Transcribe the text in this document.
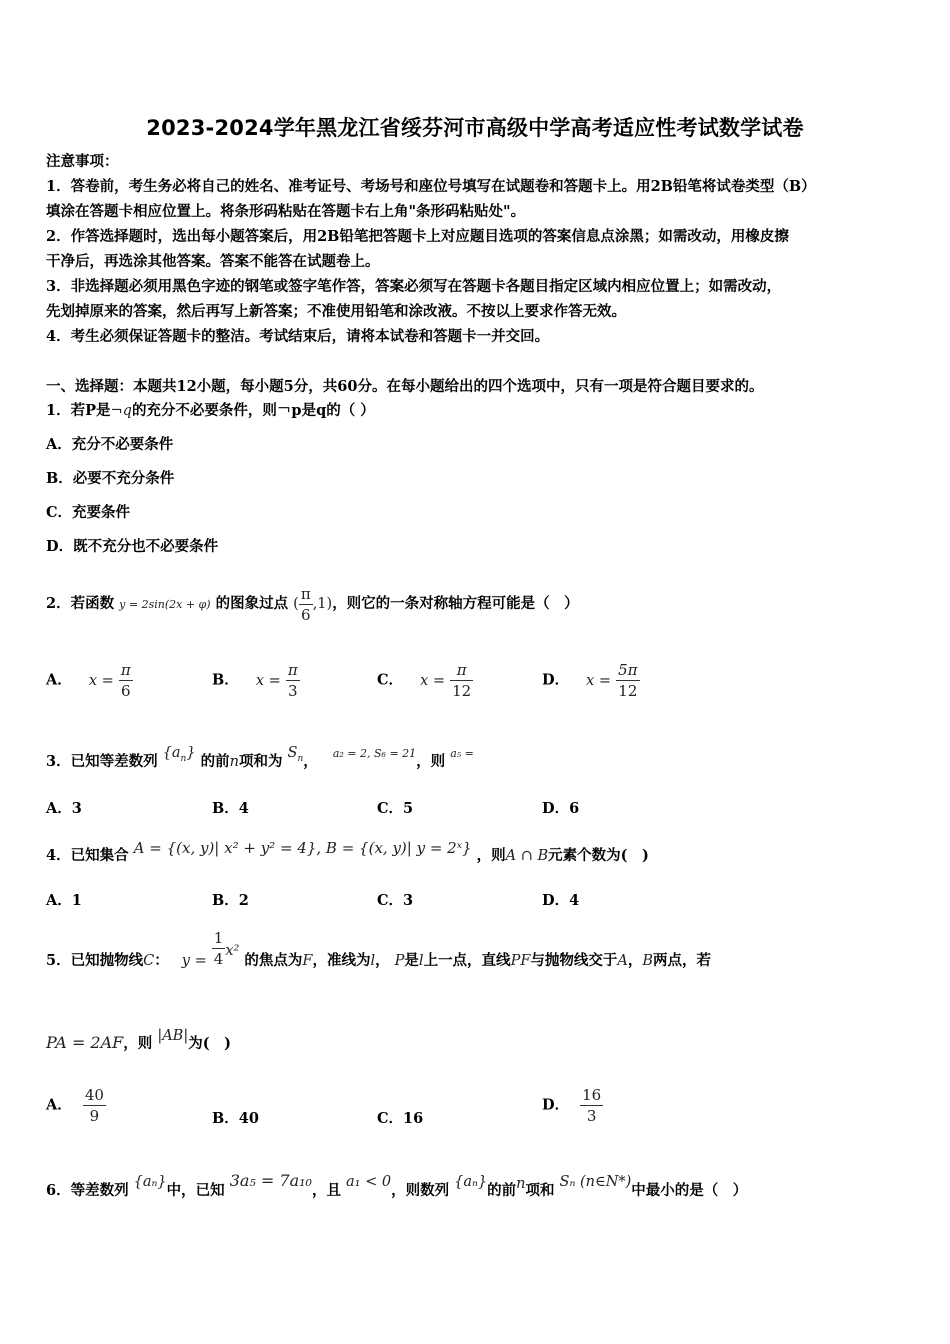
2023-2024学年黑龙江省绥芬河市高级中学高考适应性考试数学试卷
注意事项：
1．答卷前，考生务必将自己的姓名、准考证号、考场号和座位号填写在试题卷和答题卡上。用2B铅笔将试卷类型（B）
填涂在答题卡相应位置上。将条形码粘贴在答题卡右上角"条形码粘贴处"。
2．作答选择题时，选出每小题答案后，用2B铅笔把答题卡上对应题目选项的答案信息点涂黑；如需改动，用橡皮擦
干净后，再选涂其他答案。答案不能答在试题卷上。
3．非选择题必须用黑色字迹的钢笔或签字笔作答，答案必须写在答题卡各题目指定区域内相应位置上；如需改动，
先划掉原来的答案，然后再写上新答案；不准使用铅笔和涂改液。不按以上要求作答无效。
4．考生必须保证答题卡的整洁。考试结束后，请将本试卷和答题卡一并交回。
一、选择题：本题共12小题，每小题5分，共60分。在每小题给出的四个选项中，只有一项是符合题目要求的。
1．若P是¬q的充分不必要条件，则￢p是q的（ ）
A．充分不必要条件
B．必要不充分条件
C．充要条件
D．既不充分也不必要条件
2．若函数 y = 2sin(2x + φ) 的图象过点 ( $\frac{\pi}{6} ,1$)，则它的一条对称轴方程可能是（　）
A． $x = \frac{\pi}{6}$	B． $x = \frac{\pi}{3}$	C． $x = \frac{\pi}{12}$	D． $x = \frac{5\pi}{12}$
3．已知等差数列 $\{a_n\}$ 的前n项和为 $S_n$， $^{a_2 = 2, S_6 = 21}$，则 $^{a_5 =}$
A．3	B．4	C．5	D．6
4．已知集合 A = {(x, y)| x² + y² = 4}, B = {(x, y)| y = 2ˣ} ，则A ∩ B元素个数为(　)
A．1	B．2	C．3	D．4
5．已知抛物线C： $y = \frac{1}{4} x^2$ 的焦点为F，准线为l， P是l上一点，直线PF与抛物线交于A，B两点，若
PA = 2AF，则 |AB|为(　)
A． $\frac{40}{9}$	B．40	C．16
D． $\frac{16}{3}$
6．等差数列 {aₙ}中，已知 3a₅ = 7a₁₀，且 a₁ < 0，则数列 {aₙ}的前n项和 Sₙ (n∈N*)中最小的是（　）
